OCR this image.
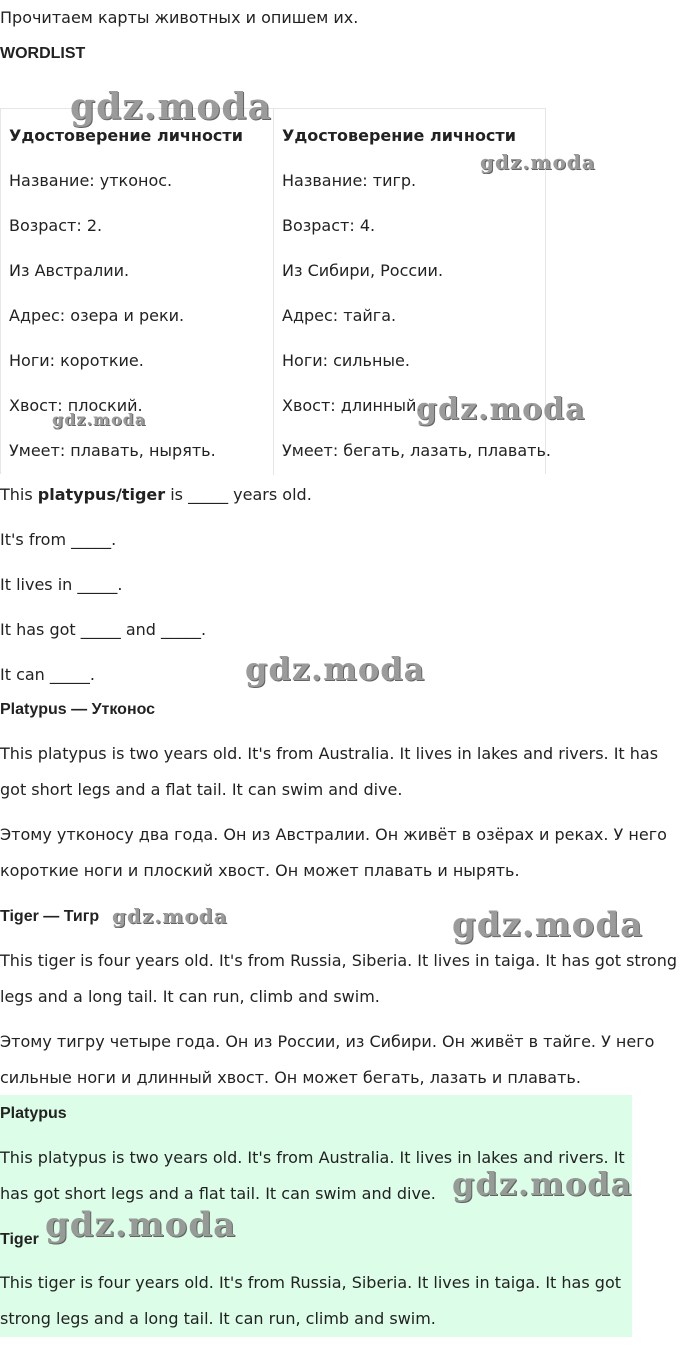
Прочитаем карты животных и опишем их.
WORDLIST
Удостоверение личности
Название: утконос.
Возраст: 2.
Из Австралии.
Адрес: озера и реки.
Ноги: короткие.
Хвост: плоский.
Умеет: плавать, нырять.
Удостоверение личности
Название: тигр.
Возраст: 4.
Из Сибири, России.
Адрес: тайга.
Ноги: сильные.
Хвост: длинный.
Умеет: бегать, лазать, плавать.
This platypus/tiger is _____ years old.
It's from _____.
It lives in _____.
It has got _____ and _____.
It can _____.
Platypus — Утконос
This platypus is two years old. It's from Australia. It lives in lakes and rivers. It has got short legs and a flat tail. It can swim and dive.
Этому утконосу два года. Он из Австралии. Он живёт в озёрах и реках. У него короткие ноги и плоский хвост. Он может плавать и нырять.
Tiger — Тигр
This tiger is four years old. It's from Russia, Siberia. It lives in taiga. It has got strong legs and a long tail. It can run, climb and swim.
Этому тигру четыре года. Он из России, из Сибири. Он живёт в тайге. У него сильные ноги и длинный хвост. Он может бегать, лазать и плавать.
Platypus
This platypus is two years old. It's from Australia. It lives in lakes and rivers. It has got short legs and a flat tail. It can swim and dive.
Tiger
This tiger is four years old. It's from Russia, Siberia. It lives in taiga. It has got strong legs and a long tail. It can run, climb and swim.
gdz.moda
gdz.moda
gdz.moda	gdz.moda
gdz.moda
gdz.moda	gdz.moda
gdz.moda
gdz.moda
